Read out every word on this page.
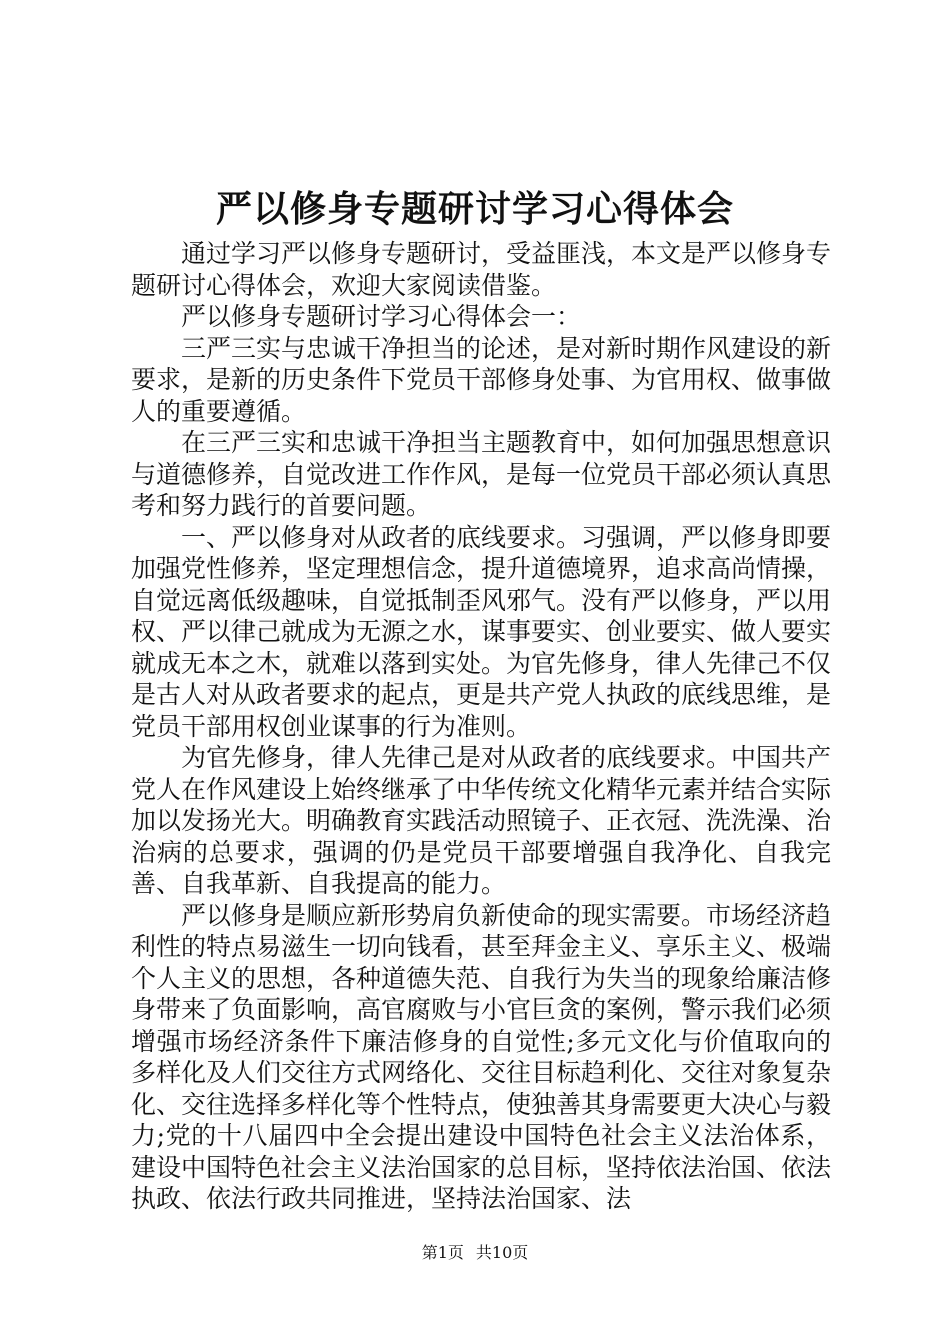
严以修身专题研讨学习心得体会

通过学习严以修身专题研讨，受益匪浅，本文是严以修身专题研讨心得体会，欢迎大家阅读借鉴。

严以修身专题研讨学习心得体会一：

三严三实与忠诚干净担当的论述，是对新时期作风建设的新要求，是新的历史条件下党员干部修身处事、为官用权、做事做人的重要遵循。

在三严三实和忠诚干净担当主题教育中，如何加强思想意识与道德修养，自觉改进工作作风，是每一位党员干部必须认真思考和努力践行的首要问题。

一、严以修身对从政者的底线要求。习强调，严以修身即要加强党性修养，坚定理想信念，提升道德境界，追求高尚情操，自觉远离低级趣味，自觉抵制歪风邪气。没有严以修身，严以用权、严以律己就成为无源之水，谋事要实、创业要实、做人要实就成无本之木，就难以落到实处。为官先修身，律人先律己不仅是古人对从政者要求的起点，更是共产党人执政的底线思维，是党员干部用权创业谋事的行为准则。

为官先修身，律人先律己是对从政者的底线要求。中国共产党人在作风建设上始终继承了中华传统文化精华元素并结合实际加以发扬光大。明确教育实践活动照镜子、正衣冠、洗洗澡、治治病的总要求，强调的仍是党员干部要增强自我净化、自我完善、自我革新、自我提高的能力。

严以修身是顺应新形势肩负新使命的现实需要。市场经济趋利性的特点易滋生一切向钱看，甚至拜金主义、享乐主义、极端个人主义的思想，各种道德失范、自我行为失当的现象给廉洁修身带来了负面影响，高官腐败与小官巨贪的案例，警示我们必须增强市场经济条件下廉洁修身的自觉性;多元文化与价值取向的多样化及人们交往方式网络化、交往目标趋利化、交往对象复杂化、交往选择多样化等个性特点，使独善其身需要更大决心与毅力;党的十八届四中全会提出建设中国特色社会主义法治体系，建设中国特色社会主义法治国家的总目标，坚持依法治国、依法执政、依法行政共同推进，坚持法治国家、法

第1页 共10页
